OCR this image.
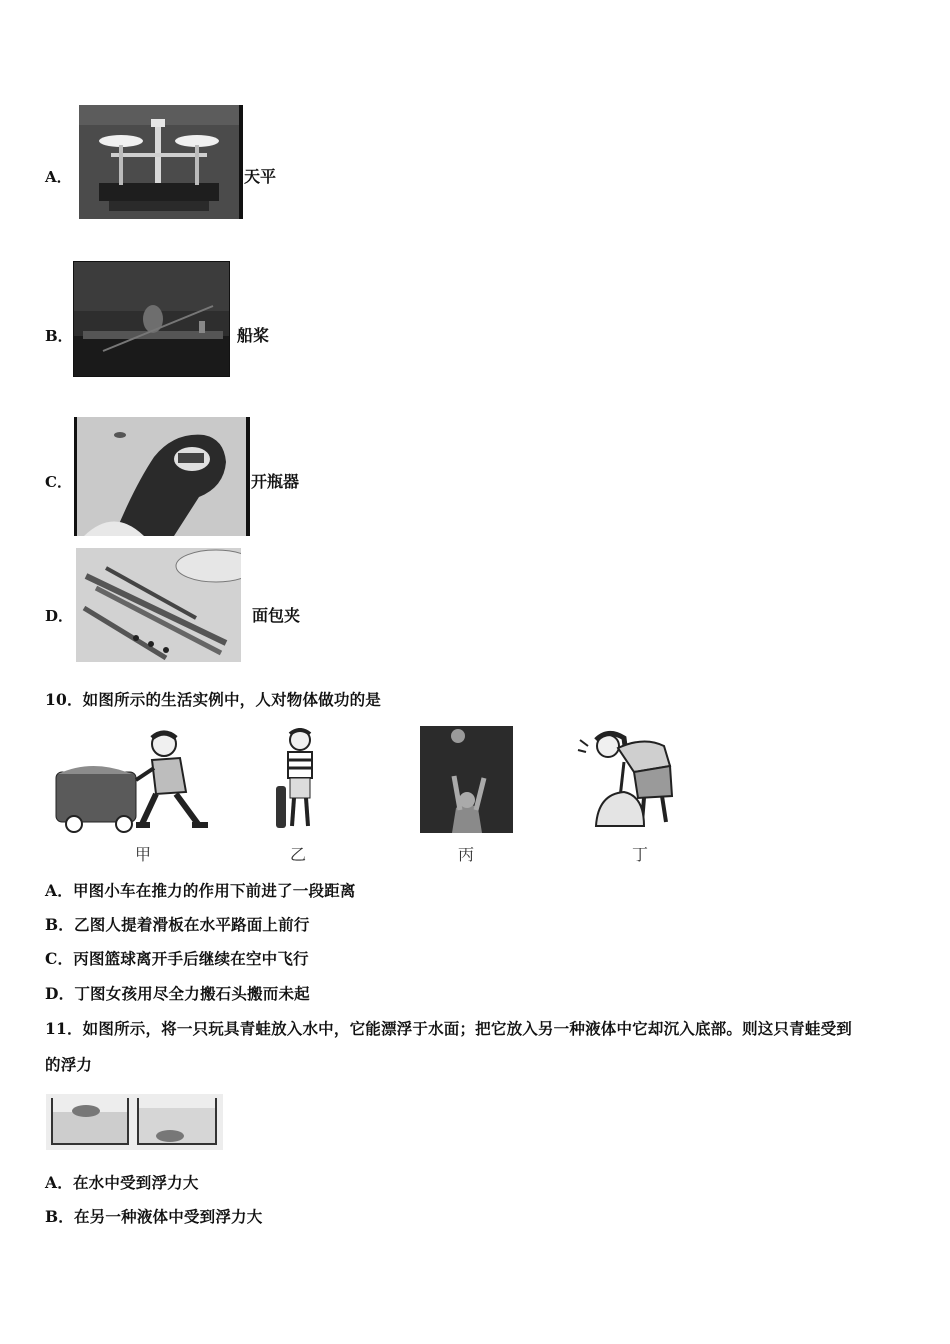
A．	天平
B．	船桨
C．	开瓶器
D．	面包夹
10．如图所示的生活实例中，人对物体做功的是
甲	乙	丙	丁
A．甲图小车在推力的作用下前进了一段距离
B．乙图人提着滑板在水平路面上前行
C．丙图篮球离开手后继续在空中飞行
D．丁图女孩用尽全力搬石头搬而未起
11．如图所示，将一只玩具青蛙放入水中，它能漂浮于水面；把它放入另一种液体中它却沉入底部。则这只青蛙受到
的浮力
A．在水中受到浮力大
B．在另一种液体中受到浮力大
